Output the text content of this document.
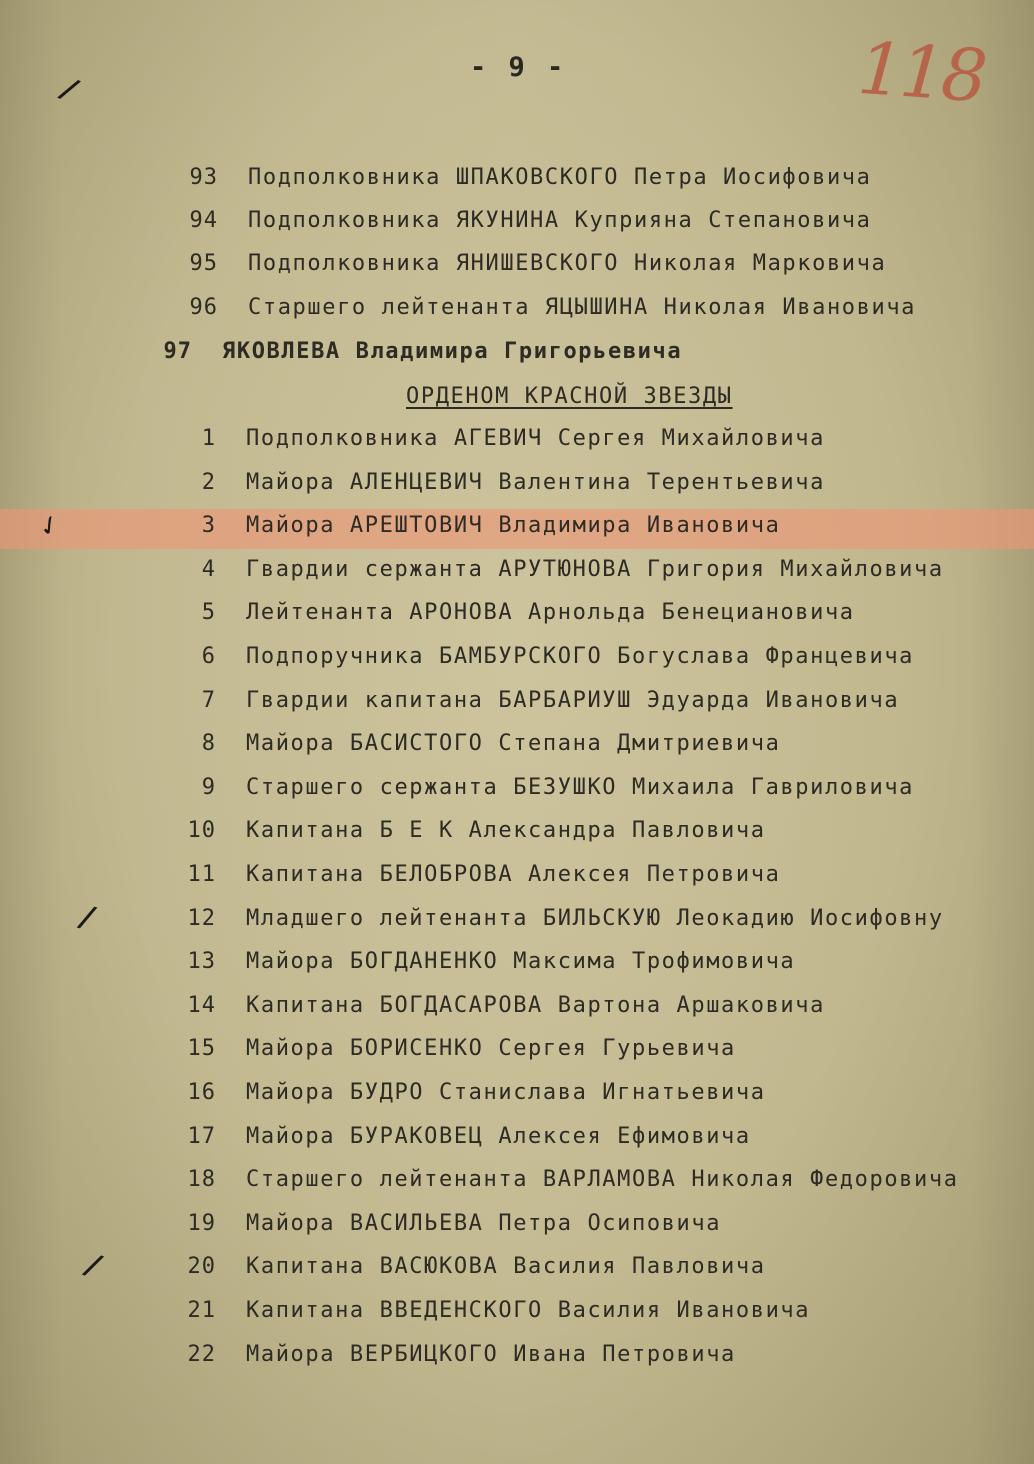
- 9 -	118
93 Подполковника ШПАКОВСКОГО Петра Иосифовича
94 Подполковника ЯКУНИНА Куприяна Степановича
95 Подполковника ЯНИШЕВСКОГО Николая Марковича
96 Старшего лейтенанта ЯЦЫШИНА Николая Ивановича
97 ЯКОВЛЕВА Владимира Григорьевича
ОРДЕНОМ КРАСНОЙ ЗВЕЗДЫ
1 Подполковника АГЕВИЧ Сергея Михайловича
2 Майора АЛЕНЦЕВИЧ Валентина Терентьевича
3 Майора АРЕШТОВИЧ Владимира Ивановича
4 Гвардии сержанта АРУТЮНОВА Григория Михайловича
5 Лейтенанта АРОНОВА Арнольда Бенециановича
6 Подпоручника БАМБУРСКОГО Богуслава Францевича
7 Гвардии капитана БАРБАРИУШ Эдуарда Ивановича
8 Майора БАСИСТОГО Степана Дмитриевича
9 Старшего сержанта БЕЗУШКО Михаила Гавриловича
10 Капитана Б Е К Александра Павловича
11 Капитана БЕЛОБРОВА Алексея Петровича
12 Младшего лейтенанта БИЛЬСКУЮ Леокадию Иосифовну
13 Майора БОГДАНЕНКО Максима Трофимовича
14 Капитана БОГДАСАРОВА Вартона Аршаковича
15 Майора БОРИСЕНКО Сергея Гурьевича
16 Майора БУДРО Станислава Игнатьевича
17 Майора БУРАКОВЕЦ Алексея Ефимовича
18 Старшего лейтенанта ВАРЛАМОВА Николая Федоровича
19 Майора ВАСИЛЬЕВА Петра Осиповича
20 Капитана ВАСЮКОВА Василия Павловича
21 Капитана ВВЕДЕНСКОГО Василия Ивановича
22 Майора ВЕРБИЦКОГО Ивана Петровича
/
✓
/
/
